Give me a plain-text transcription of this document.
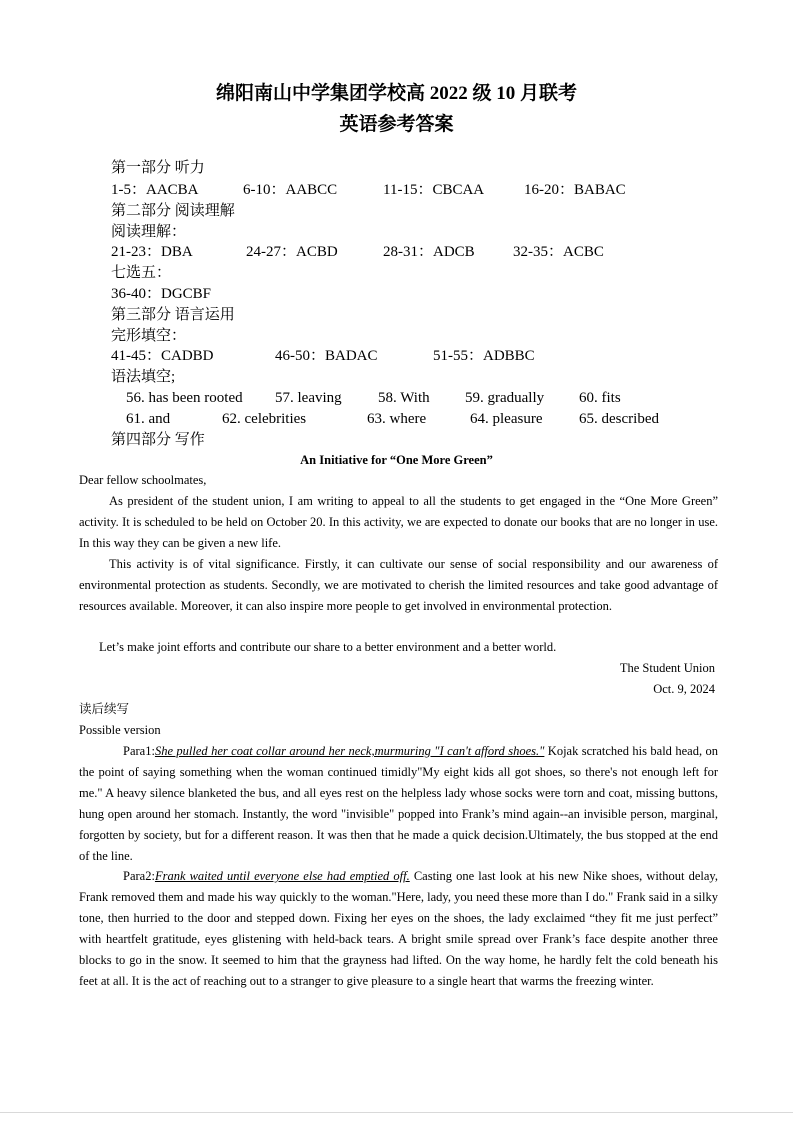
绵阳南山中学集团学校高 2022 级 10 月联考
英语参考答案
第一部分 听力
1-5：AACBA	6-10：AABCC	11-15：CBCAA	16-20：BABAC
第二部分 阅读理解
阅读理解：
21-23：DBA	24-27：ACBD	28-31：ADCB	32-35：ACBC
七选五：
36-40：DGCBF
第三部分 语言运用
完形填空：
41-45：CADBD	46-50：BADAC	51-55：ADBBC
语法填空;
56. has been rooted 57. leaving 58. With 59. gradually 60. fits
61. and	62. celebrities	63. where	64. pleasure 65. described
第四部分 写作
An Initiative for “One More Green”

Dear fellow schoolmates,

As president of the student union, I am writing to appeal to all the students to get engaged in the “One More Green” activity. It is scheduled to be held on October 20. In this activity, we are expected to donate our books that are no longer in use. In this way they can be given a new life.

This activity is of vital significance. Firstly, it can cultivate our sense of social responsibility and our awareness of environmental protection as students. Secondly, we are motivated to cherish the limited resources and take good advantage of resources available. Moreover, it can also inspire more people to get involved in environmental protection.

Let’s make joint efforts and contribute our share to a better environment and a better world.

The Student Union
Oct. 9, 2024

读后续写

Possible version

Para1:She pulled her coat collar around her neck,murmuring "I can't afford shoes." Kojak scratched his bald head, on the point of saying something when the woman continued timidly"My eight kids all got shoes, so there's not enough left for me." A heavy silence blanketed the bus, and all eyes rest on the helpless lady whose socks were torn and coat, missing buttons, hung open around her stomach. Instantly, the word "invisible" popped into Frank’s mind again--an invisible person, marginal, forgotten by society, but for a different reason. It was then that he made a quick decision.Ultimately, the bus stopped at the end of the line.

Para2:Frank waited until everyone else had emptied off. Casting one last look at his new Nike shoes, without delay, Frank removed them and made his way quickly to the woman."Here, lady, you need these more than I do." Frank said in a silky tone, then hurried to the door and stepped down. Fixing her eyes on the shoes, the lady exclaimed “they fit me just perfect” with heartfelt gratitude, eyes glistening with held-back tears. A bright smile spread over Frank’s face despite another three blocks to go in the snow. It seemed to him that the grayness had lifted. On the way home, he hardly felt the cold beneath his feet at all. It is the act of reaching out to a stranger to give pleasure to a single heart that warms the freezing winter.
